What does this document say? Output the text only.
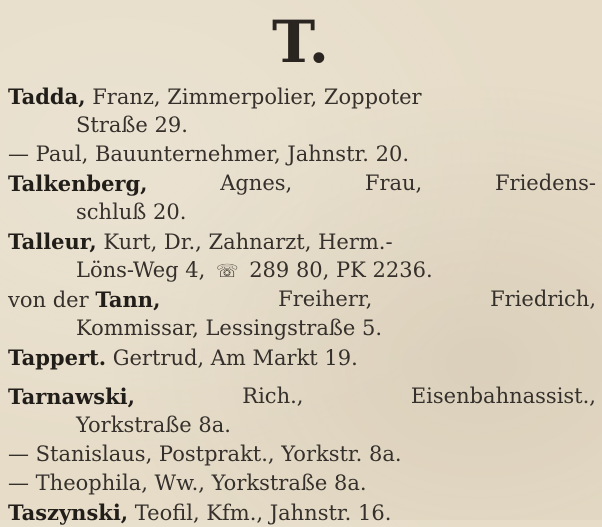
T.
Tadda, Franz, Zimmerpolier, Zoppoter
Straße 29.
— Paul, Bauunternehmer, Jahnstr. 20.
Talkenberg,	Agnes,	Frau,	Friedens-
schluß 20.
Talleur, Kurt, Dr., Zahnarzt, Herm.-
Löns-Weg 4, ☏ 289 80, PK 2236.
von der Tann,	Freiherr,	Friedrich,
Kommissar, Lessingstraße 5.
Tappert. Gertrud, Am Markt 19.
Tarnawski,	Rich.,	Eisenbahnassist.,
Yorkstraße 8a.
— Stanislaus, Postprakt., Yorkstr. 8a.
— Theophila, Ww., Yorkstraße 8a.
Taszynski, Teofil, Kfm., Jahnstr. 16.
